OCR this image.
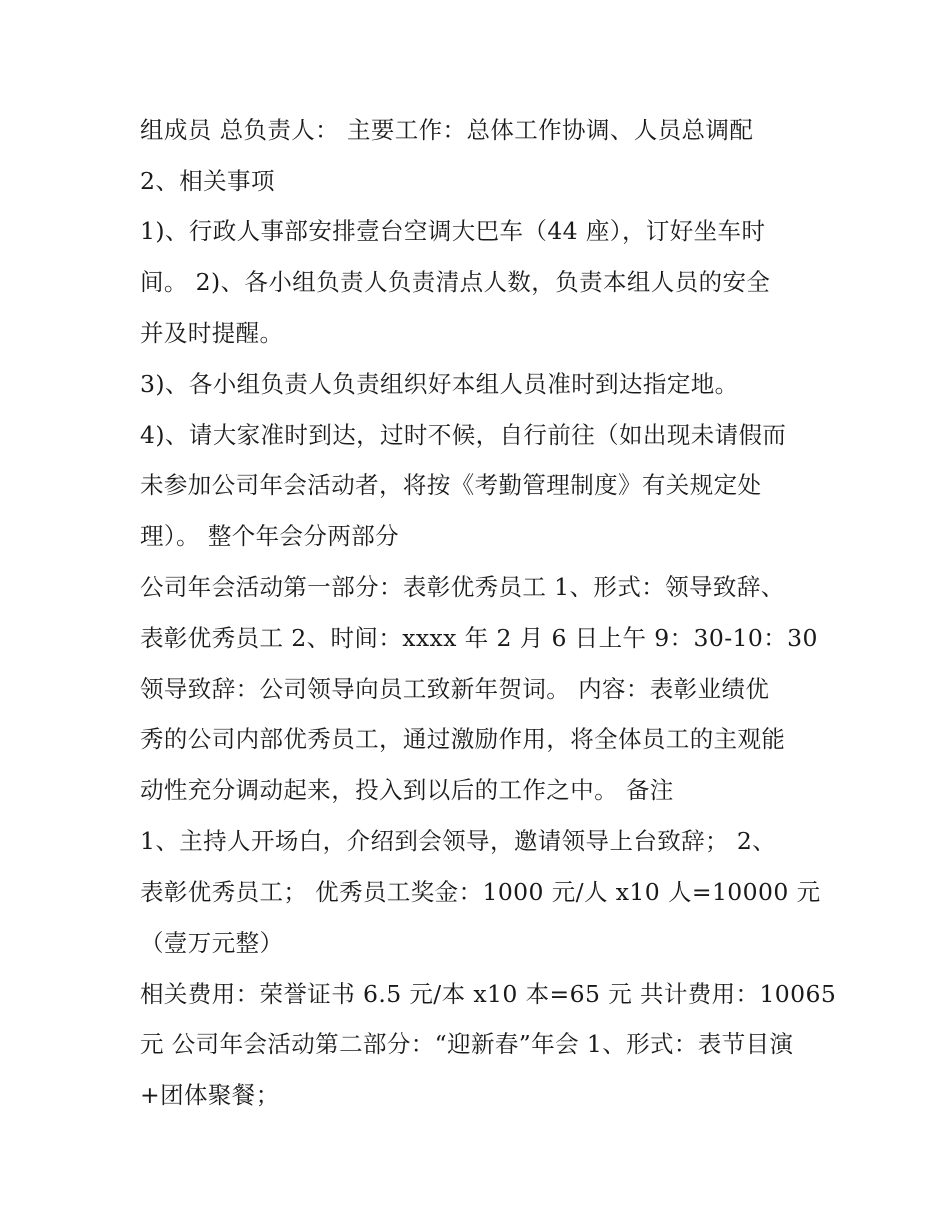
组成员 总负责人： 主要工作：总体工作协调、人员总调配
2、相关事项
1)、行政人事部安排壹台空调大巴车（44 座），订好坐车时
间。 2)、各小组负责人负责清点人数，负责本组人员的安全
并及时提醒。
3)、各小组负责人负责组织好本组人员准时到达指定地。
4)、请大家准时到达，过时不候，自行前往（如出现未请假而
未参加公司年会活动者，将按《考勤管理制度》有关规定处
理）。 整个年会分两部分
公司年会活动第一部分：表彰优秀员工 1、形式：领导致辞、
表彰优秀员工 2、时间：xxxx 年 2 月 6 日上午 9：30-10：30
领导致辞：公司领导向员工致新年贺词。 内容：表彰业绩优
秀的公司内部优秀员工，通过激励作用，将全体员工的主观能
动性充分调动起来，投入到以后的工作之中。 备注
1、主持人开场白，介绍到会领导，邀请领导上台致辞； 2、
表彰优秀员工； 优秀员工奖金：1000 元/人 x10 人=10000 元
（壹万元整）
相关费用：荣誉证书 6.5 元/本 x10 本=65 元 共计费用：10065
元 公司年会活动第二部分：“迎新春”年会 1、形式：表节目演
+团体聚餐；
